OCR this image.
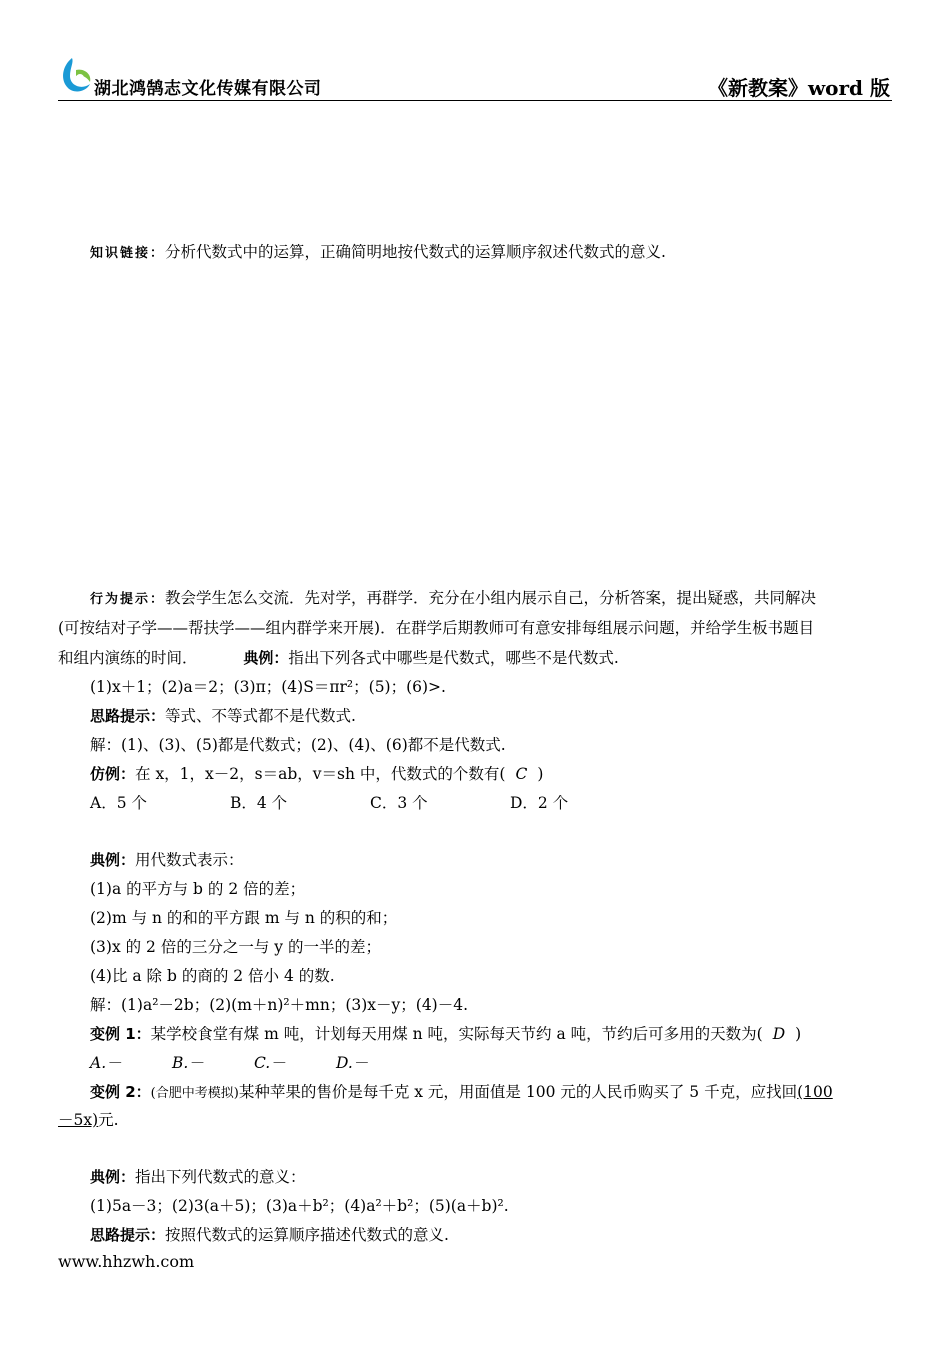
湖北鸿鹄志文化传媒有限公司	《新教案》word 版
知识链接：分析代数式中的运算，正确简明地按代数式的运算顺序叙述代数式的意义.
行为提示：教会学生怎么交流．先对学，再群学．充分在小组内展示自己，分析答案，提出疑惑，共同解决
(可按结对子学——帮扶学——组内群学来开展)．在群学后期教师可有意安排每组展示问题，并给学生板书题目
和组内演练的时间．	典例：指出下列各式中哪些是代数式，哪些不是代数式.
(1)x＋1；(2)a＝2；(3)π；(4)S＝πr²；(5)；(6)>.
思路提示：等式、不等式都不是代数式.
解：(1)、(3)、(5)都是代数式；(2)、(4)、(6)都不是代数式.
仿例：在 x，1，x－2，s＝ab，v＝sh 中，代数式的个数有( C )
A．5 个	B．4 个	C．3 个	D．2 个
典例：用代数式表示：
(1)a 的平方与 b 的 2 倍的差；
(2)m 与 n 的和的平方跟 m 与 n 的积的和；
(3)x 的 2 倍的三分之一与 y 的一半的差；
(4)比 a 除 b 的商的 2 倍小 4 的数.
解：(1)a²－2b；(2)(m＋n)²＋mn；(3)x－y；(4)－4.
变例 1：某学校食堂有煤 m 吨，计划每天用煤 n 吨，实际每天节约 a 吨，节约后可多用的天数为( D )
A.－	B.－	C.－	D.－
变例 2：(合肥中考模拟)某种苹果的售价是每千克 x 元，用面值是 100 元的人民币购买了 5 千克，应找回(100
－5x)元.
典例：指出下列代数式的意义：
(1)5a－3；(2)3(a＋5)；(3)a＋b²；(4)a²＋b²；(5)(a＋b)².
思路提示：按照代数式的运算顺序描述代数式的意义.
www.hhzwh.com
